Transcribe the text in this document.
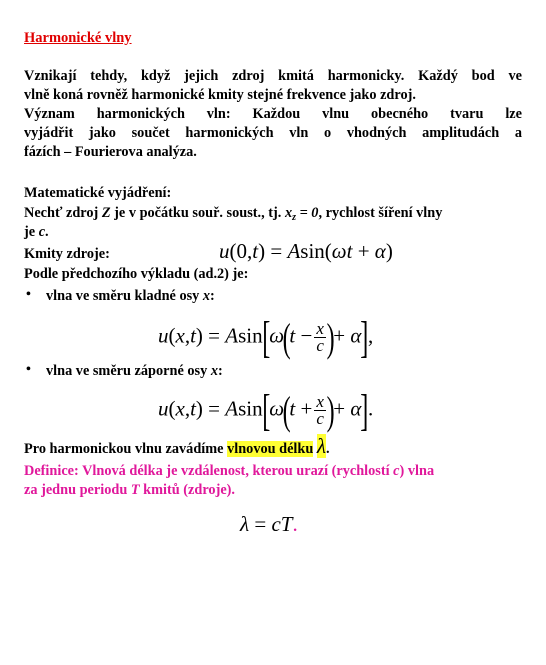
Harmonické vlny
Vznikají tehdy, když jejich zdroj kmitá harmonicky. Každý bod ve
vlně koná rovněž harmonické kmity stejné frekvence jako zdroj.
Význam harmonických vln: Každou vlnu obecného tvaru lze
vyjádřit jako součet harmonických vln o vhodných amplitudách a
fázích – Fourierova analýza.
Matematické vyjádření:
Nechť zdroj Z je v počátku souř. soust., tj. $x_z = 0$, rychlost šíření vlny
je c.
Kmity zdroje:	u(0,t) = Asin(ωt + α)
Podle předchozího výkladu (ad.2) je:
• vlna ve směru kladné osy x:
$u(x,t) = Asin[\omega(t - \frac{x}{c}$ )+ α],
• vlna ve směru záporné osy x:
$u(x,t) = Asin[\omega(t + \frac{x}{c}$ )+ α].
Pro harmonickou vlnu zavádíme vlnovou délku λ.
Definice: Vlnová délka je vzdálenost, kterou urazí (rychlostí c) vlna
za jednu periodu T kmitů (zdroje).
λ = cT.
